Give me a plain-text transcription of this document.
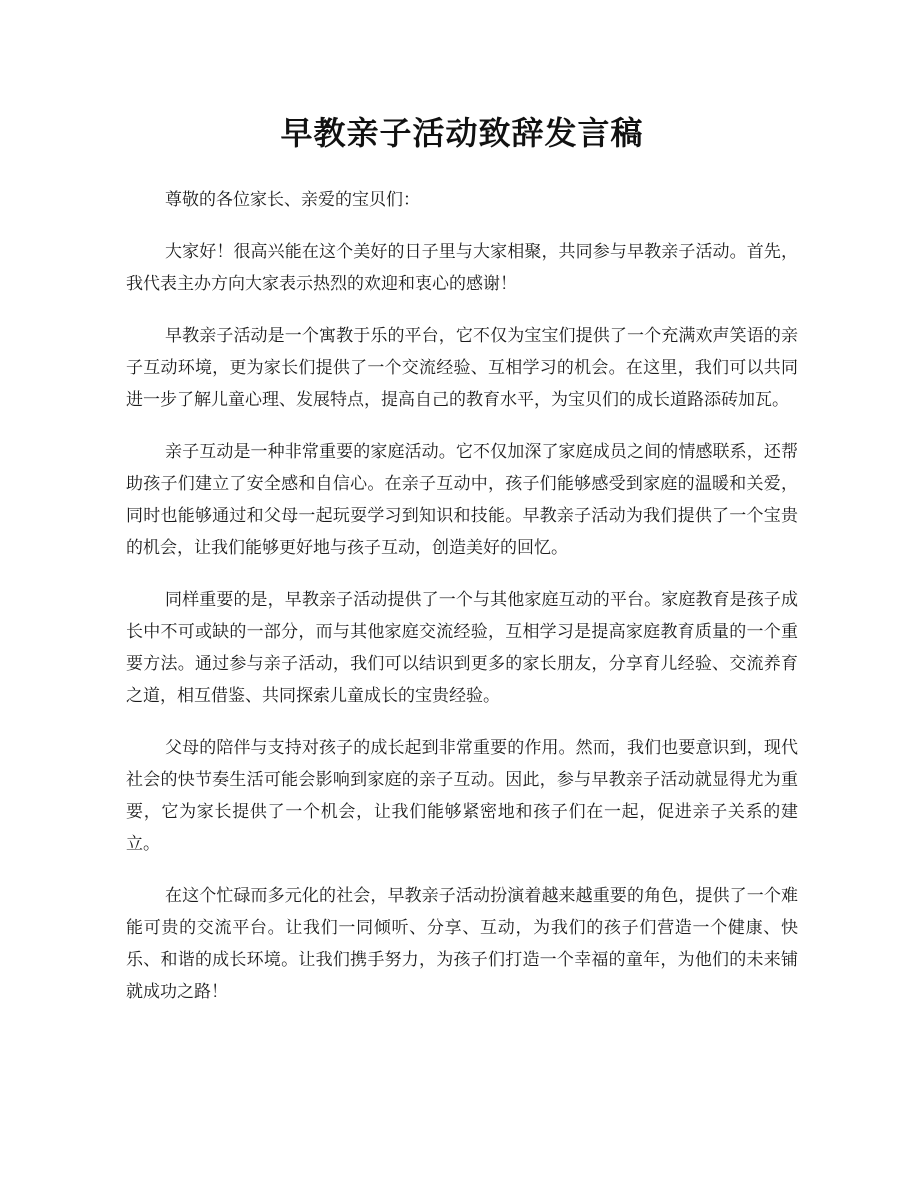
早教亲子活动致辞发言稿

尊敬的各位家长、亲爱的宝贝们：

大家好！很高兴能在这个美好的日子里与大家相聚，共同参与早教亲子活动。首先，我代表主办方向大家表示热烈的欢迎和衷心的感谢！

早教亲子活动是一个寓教于乐的平台，它不仅为宝宝们提供了一个充满欢声笑语的亲子互动环境，更为家长们提供了一个交流经验、互相学习的机会。在这里，我们可以共同进一步了解儿童心理、发展特点，提高自己的教育水平，为宝贝们的成长道路添砖加瓦。

亲子互动是一种非常重要的家庭活动。它不仅加深了家庭成员之间的情感联系，还帮助孩子们建立了安全感和自信心。在亲子互动中，孩子们能够感受到家庭的温暖和关爱，同时也能够通过和父母一起玩耍学习到知识和技能。早教亲子活动为我们提供了一个宝贵的机会，让我们能够更好地与孩子互动，创造美好的回忆。

同样重要的是，早教亲子活动提供了一个与其他家庭互动的平台。家庭教育是孩子成长中不可或缺的一部分，而与其他家庭交流经验，互相学习是提高家庭教育质量的一个重要方法。通过参与亲子活动，我们可以结识到更多的家长朋友，分享育儿经验、交流养育之道，相互借鉴、共同探索儿童成长的宝贵经验。

父母的陪伴与支持对孩子的成长起到非常重要的作用。然而，我们也要意识到，现代社会的快节奏生活可能会影响到家庭的亲子互动。因此，参与早教亲子活动就显得尤为重要，它为家长提供了一个机会，让我们能够紧密地和孩子们在一起，促进亲子关系的建立。

在这个忙碌而多元化的社会，早教亲子活动扮演着越来越重要的角色，提供了一个难能可贵的交流平台。让我们一同倾听、分享、互动，为我们的孩子们营造一个健康、快乐、和谐的成长环境。让我们携手努力，为孩子们打造一个幸福的童年，为他们的未来铺就成功之路！
